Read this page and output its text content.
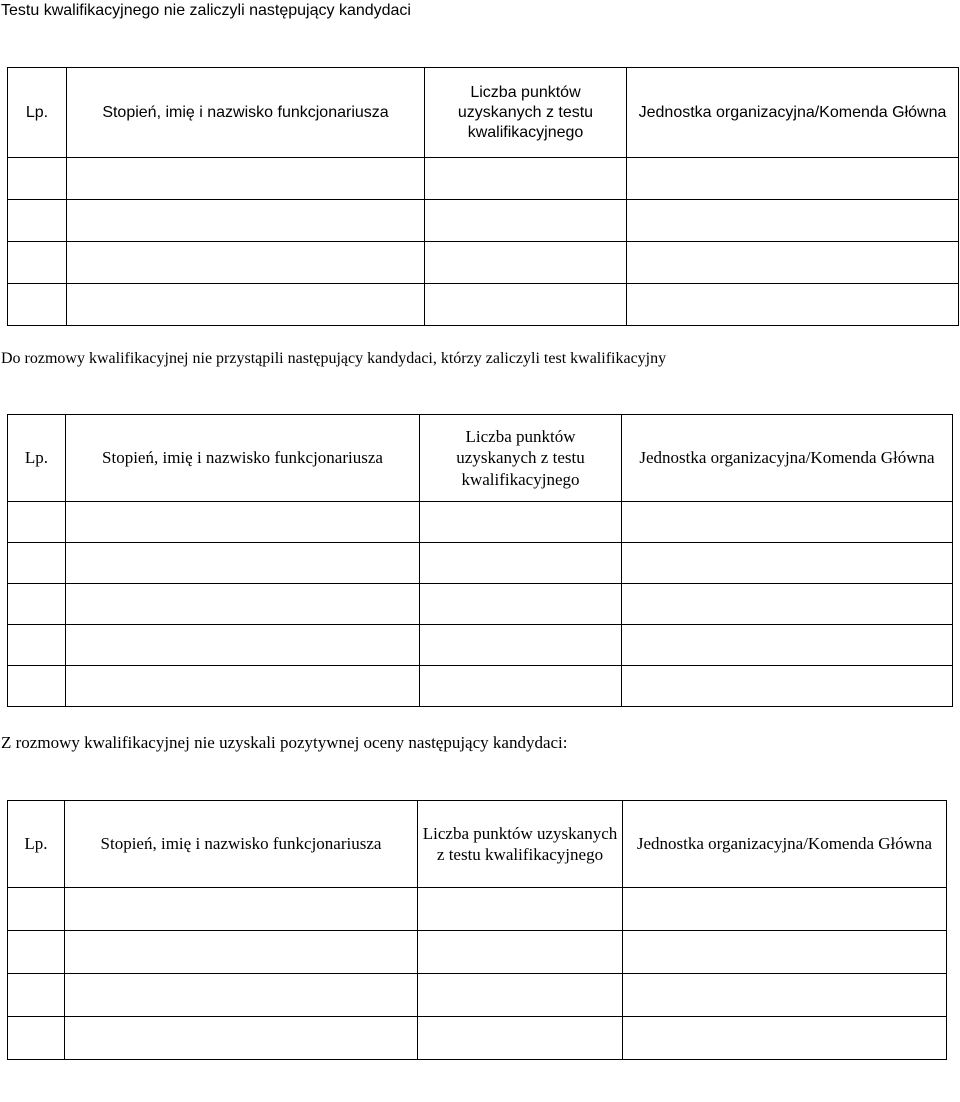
Testu kwalifikacyjnego nie zaliczyli następujący kandydaci
Lp.	Stopień, imię i nazwisko funkcjonariusza	Liczba punktów uzyskanych z testu kwalifikacyjnego	Jednostka organizacyjna/Komenda Główna

Do rozmowy kwalifikacyjnej nie przystąpili następujący kandydaci, którzy zaliczyli test kwalifikacyjny
Lp.	Stopień, imię i nazwisko funkcjonariusza	Liczba punktów uzyskanych z testu kwalifikacyjnego	Jednostka organizacyjna/Komenda Główna

Z rozmowy kwalifikacyjnej nie uzyskali pozytywnej oceny następujący kandydaci:
Lp.	Stopień, imię i nazwisko funkcjonariusza	Liczba punktów uzyskanych z testu kwalifikacyjnego	Jednostka organizacyjna/Komenda Główna
